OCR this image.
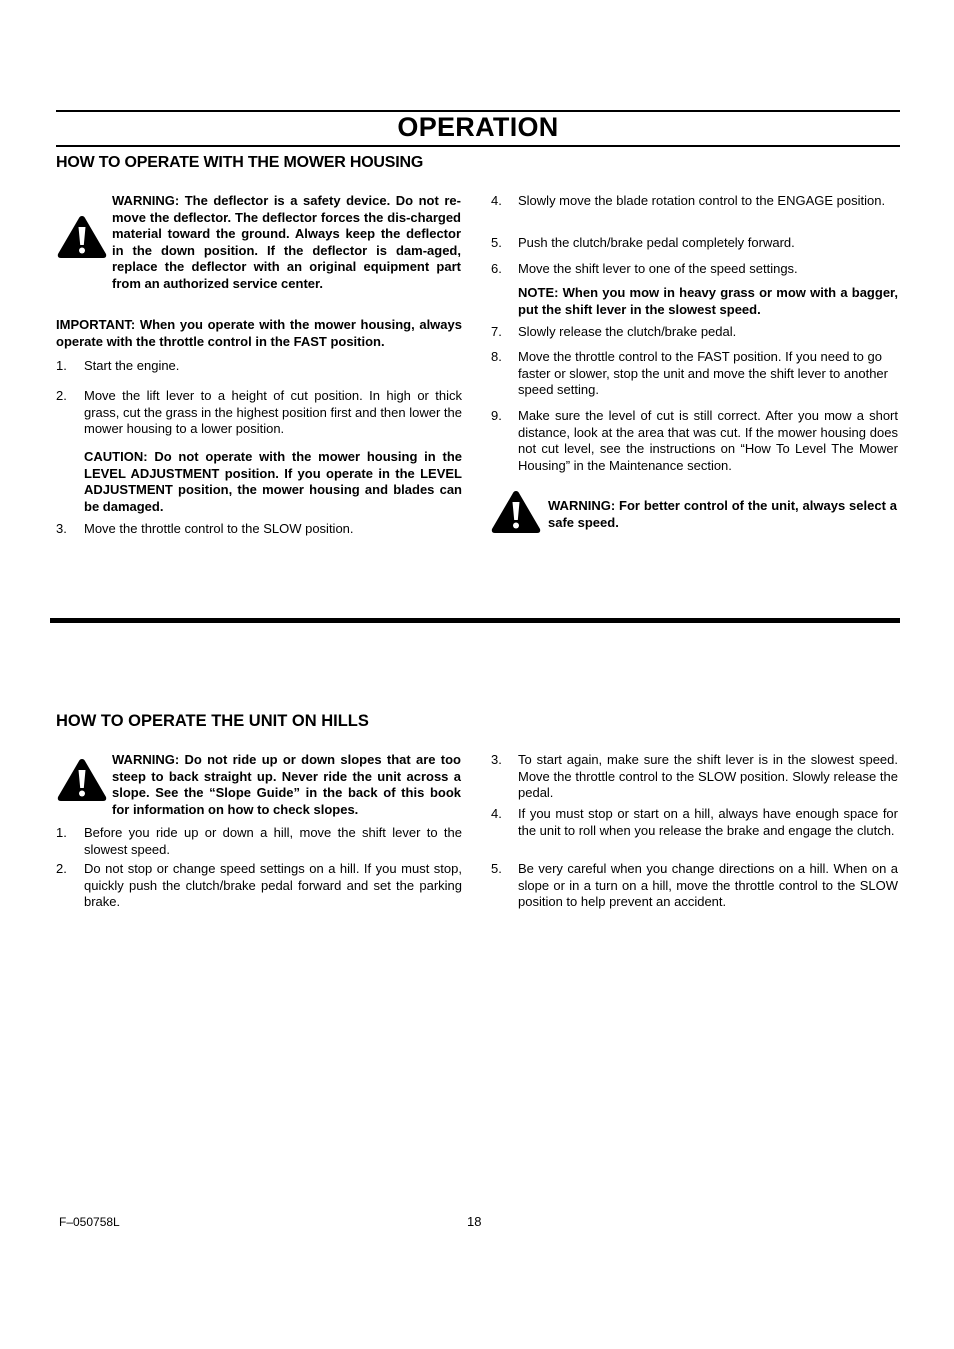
OPERATION
HOW TO OPERATE WITH THE MOWER HOUSING

WARNING: The deflector is a safety device. Do not re-move the deflector. The deflector forces the dis-charged material toward the ground. Always keep the deflector in the down position. If the deflector is dam-aged, replace the deflector with an original equipment part from an authorized service center.

IMPORTANT: When you operate with the mower housing, always operate with the throttle control in the FAST position.

1. Start the engine.

2. Move the lift lever to a height of cut position. In high or thick grass, cut the grass in the highest position first and then lower the mower housing to a lower position.

CAUTION: Do not operate with the mower housing in the LEVEL ADJUSTMENT position. If you operate in the LEVEL ADJUSTMENT position, the mower housing and blades can be damaged.

3. Move the throttle control to the SLOW position.

4. Slowly move the blade rotation control to the ENGAGE position.

5. Push the clutch/brake pedal completely forward.

6. Move the shift lever to one of the speed settings.

NOTE: When you mow in heavy grass or mow with a bagger, put the shift lever in the slowest speed.

7. Slowly release the clutch/brake pedal.

8. Move the throttle control to the FAST position. If you need to go faster or slower, stop the unit and move the shift lever to another speed setting.

9. Make sure the level of cut is still correct. After you mow a short distance, look at the area that was cut. If the mower housing does not cut level, see the instructions on “How To Level The Mower Housing” in the Maintenance section.

WARNING: For better control of the unit, always select a safe speed.

HOW TO OPERATE THE UNIT ON HILLS

WARNING: Do not ride up or down slopes that are too steep to back straight up. Never ride the unit across a slope. See the “Slope Guide” in the back of this book for information on how to check slopes.

1. Before you ride up or down a hill, move the shift lever to the slowest speed.

2. Do not stop or change speed settings on a hill. If you must stop, quickly push the clutch/brake pedal forward and set the parking brake.

3. To start again, make sure the shift lever is in the slowest speed. Move the throttle control to the SLOW position. Slowly release the pedal.

4. If you must stop or start on a hill, always have enough space for the unit to roll when you release the brake and engage the clutch.

5. Be very careful when you change directions on a hill. When on a slope or in a turn on a hill, move the throttle control to the SLOW position to help prevent an accident.

F–050758L	18
